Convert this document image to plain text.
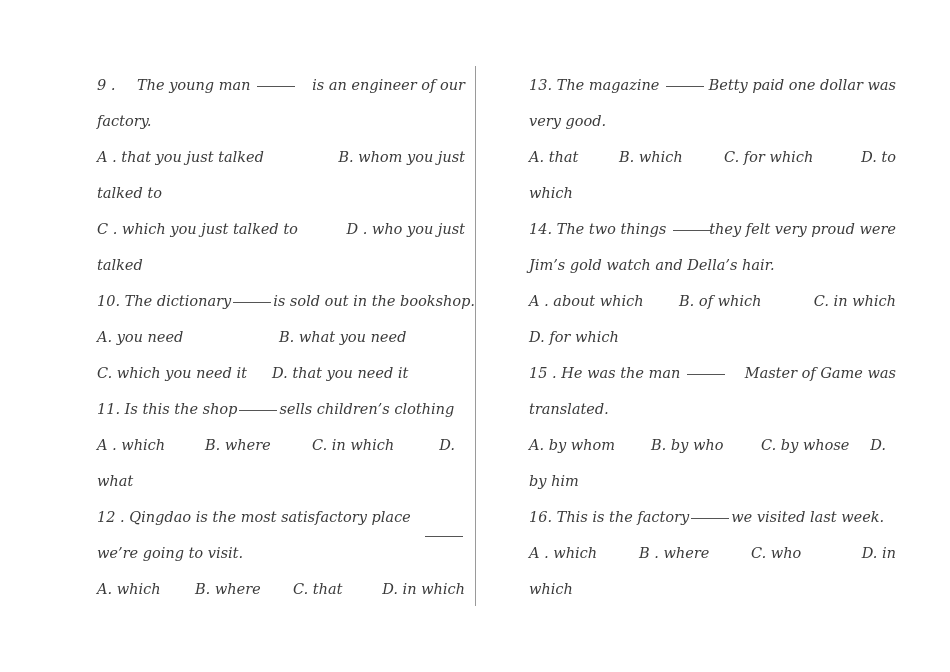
9 . The young man	is an engineer of our
factory.
A . that you just talked	B. whom you just
talked to
C . which you just talked to	D . who you just
talked
10. The dictionary	is sold out in the bookshop.
A. you need	B. what you need
C. which you need it D. that you need it
11. Is this the shop	sells children’s clothing
A . which	B. where	C. in which	D.
what
12 . Qingdao is the most satisfactory place
we’re going to visit.
A. which B. where C. that	D. in which
13. The magazine	Betty paid one dollar was
very good.
A. that	B. which	C. for which	D. to
which
14. The two things	they felt very proud were
Jim’s gold watch and Della’s hair.
A . about which B. of which	C. in which
D. for which
15 . He was the man	Master of Game was
translated.
A. by whom B. by who	C. by whose D.
by him
16. This is the factory	we visited last week.
A . which	B . where	C. who	D. in
which
